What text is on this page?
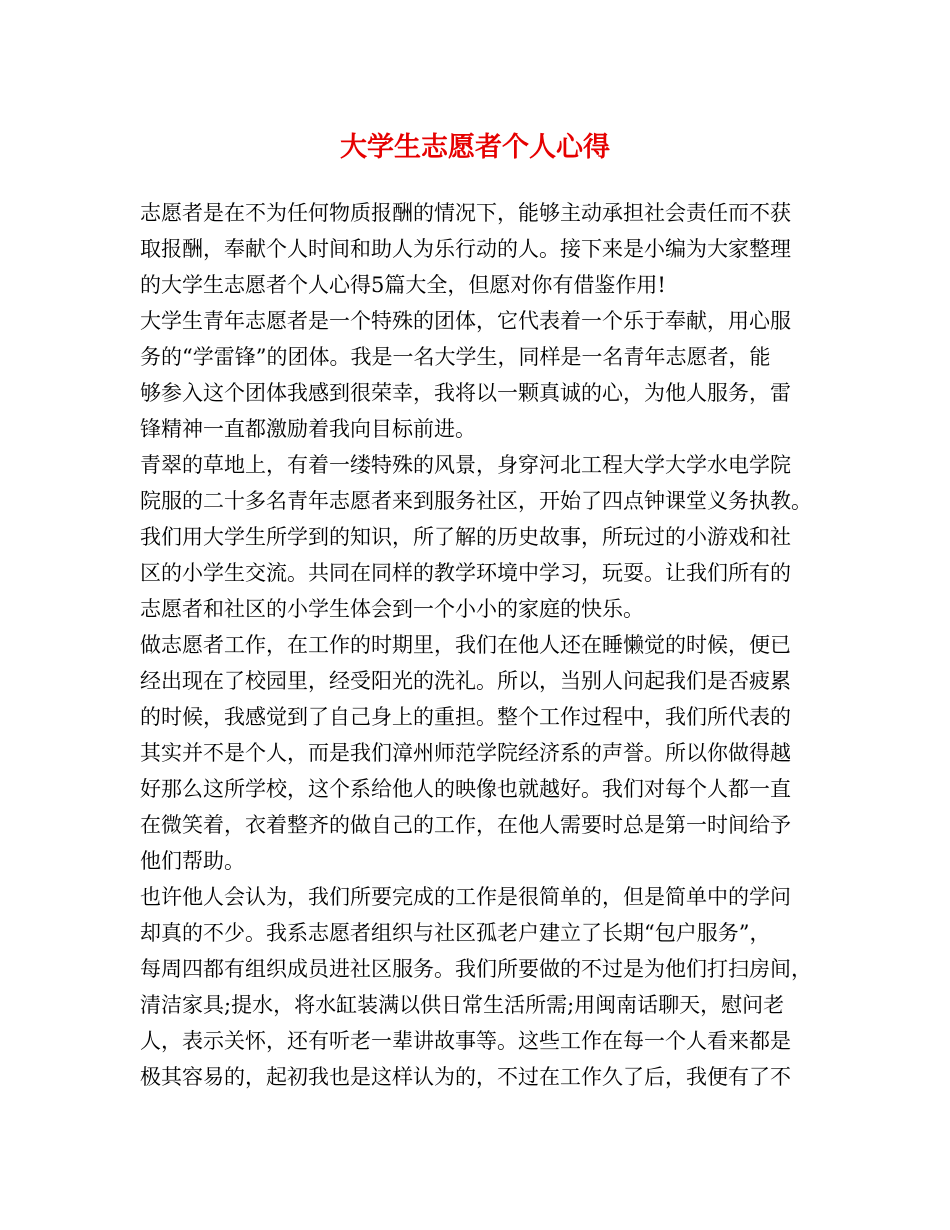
大学生志愿者个人心得

志愿者是在不为任何物质报酬的情况下，能够主动承担社会责任而不获

取报酬，奉献个人时间和助人为乐行动的人。接下来是小编为大家整理

的大学生志愿者个人心得5篇大全，但愿对你有借鉴作用!

大学生青年志愿者是一个特殊的团体，它代表着一个乐于奉献，用心服

务的“学雷锋”的团体。我是一名大学生，同样是一名青年志愿者，能

够参入这个团体我感到很荣幸，我将以一颗真诚的心，为他人服务，雷

锋精神一直都激励着我向目标前进。

青翠的草地上，有着一缕特殊的风景，身穿河北工程大学大学水电学院

院服的二十多名青年志愿者来到服务社区，开始了四点钟课堂义务执教。

我们用大学生所学到的知识，所了解的历史故事，所玩过的小游戏和社

区的小学生交流。共同在同样的教学环境中学习，玩耍。让我们所有的

志愿者和社区的小学生体会到一个小小的家庭的快乐。

做志愿者工作，在工作的时期里，我们在他人还在睡懒觉的时候，便已

经出现在了校园里，经受阳光的洗礼。所以，当别人问起我们是否疲累

的时候，我感觉到了自己身上的重担。整个工作过程中，我们所代表的

其实并不是个人，而是我们漳州师范学院经济系的声誉。所以你做得越

好那么这所学校，这个系给他人的映像也就越好。我们对每个人都一直

在微笑着，衣着整齐的做自己的工作，在他人需要时总是第一时间给予

他们帮助。

也许他人会认为，我们所要完成的工作是很简单的，但是简单中的学问

却真的不少。我系志愿者组织与社区孤老户建立了长期“包户服务”，

每周四都有组织成员进社区服务。我们所要做的不过是为他们打扫房间，

清洁家具;提水，将水缸装满以供日常生活所需;用闽南话聊天，慰问老

人，表示关怀，还有听老一辈讲故事等。这些工作在每一个人看来都是

极其容易的，起初我也是这样认为的，不过在工作久了后，我便有了不
